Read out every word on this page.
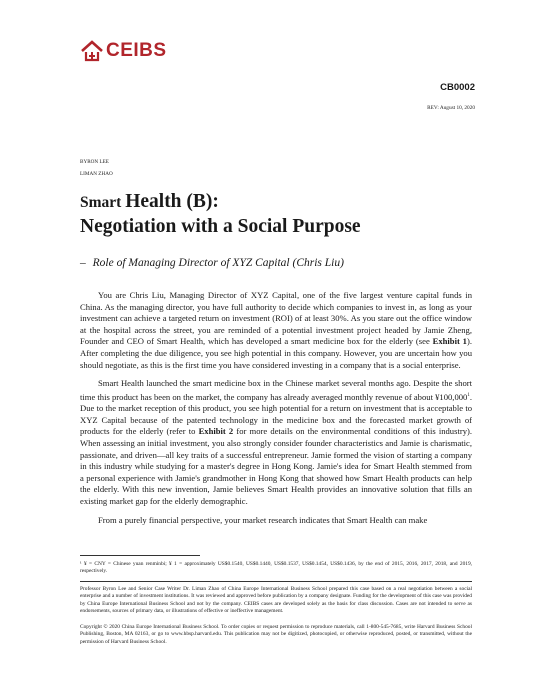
CEIBS
CB0002
REV: August 10, 2020
BYRON LEE
LIMAN ZHAO
Smart Health (B):
Negotiation with a Social Purpose
– Role of Managing Director of XYZ Capital (Chris Liu)

You are Chris Liu, Managing Director of XYZ Capital, one of the five largest venture capital funds in China. As the managing director, you have full authority to decide which companies to invest in, as long as your investment can achieve a targeted return on investment (ROI) of at least 30%. As you stare out the office window at the hospital across the street, you are reminded of a potential investment project headed by Jamie Zheng, Founder and CEO of Smart Health, which has developed a smart medicine box for the elderly (see Exhibit 1). After completing the due diligence, you see high potential in this company. However, you are uncertain how you should negotiate, as this is the first time you have considered investing in a company that is a social enterprise.

Smart Health launched the smart medicine box in the Chinese market several months ago. Despite the short time this product has been on the market, the company has already averaged monthly revenue of about ¥100,000$^1$. Due to the market reception of this product, you see high potential for a return on investment that is acceptable to XYZ Capital because of the patented technology in the medicine box and the forecasted market growth of products for the elderly (refer to Exhibit 2 for more details on the environmental conditions of this industry). When assessing an initial investment, you also strongly consider founder characteristics and Jamie is charismatic, passionate, and driven—all key traits of a successful entrepreneur. Jamie formed the vision of starting a company in this industry while studying for a master's degree in Hong Kong. Jamie's idea for Smart Health stemmed from a personal experience with Jamie's grandmother in Hong Kong that showed how Smart Health products can help the elderly. With this new invention, Jamie believes Smart Health provides an innovative solution that fills an existing market gap for the elderly demographic.

From a purely financial perspective, your market research indicates that Smart Health can make

¹ ¥ = CNY = Chinese yuan renminbi; ¥ 1 = approximately US$0.1540, US$0.1440, US$0.1537, US$0.1454, US$0.1436, by the end of 2015, 2016, 2017, 2018, and 2019, respectively.
Professor Byron Lee and Senior Case Writer Dr. Liman Zhao of China Europe International Business School prepared this case based on a real negotiation between a social enterprise and a number of investment institutions. It was reviewed and approved before publication by a company designate. Funding for the development of this case was provided by China Europe International Business School and not by the company. CEIBS cases are developed solely as the basis for class discussion. Cases are not intended to serve as endorsements, sources of primary data, or illustrations of effective or ineffective management.
Copyright © 2020 China Europe International Business School. To order copies or request permission to reproduce materials, call 1-800-545-7685, write Harvard Business School Publishing, Boston, MA 02163, or go to www.hbsp.harvard.edu. This publication may not be digitized, photocopied, or otherwise reproduced, posted, or transmitted, without the permission of Harvard Business School.
